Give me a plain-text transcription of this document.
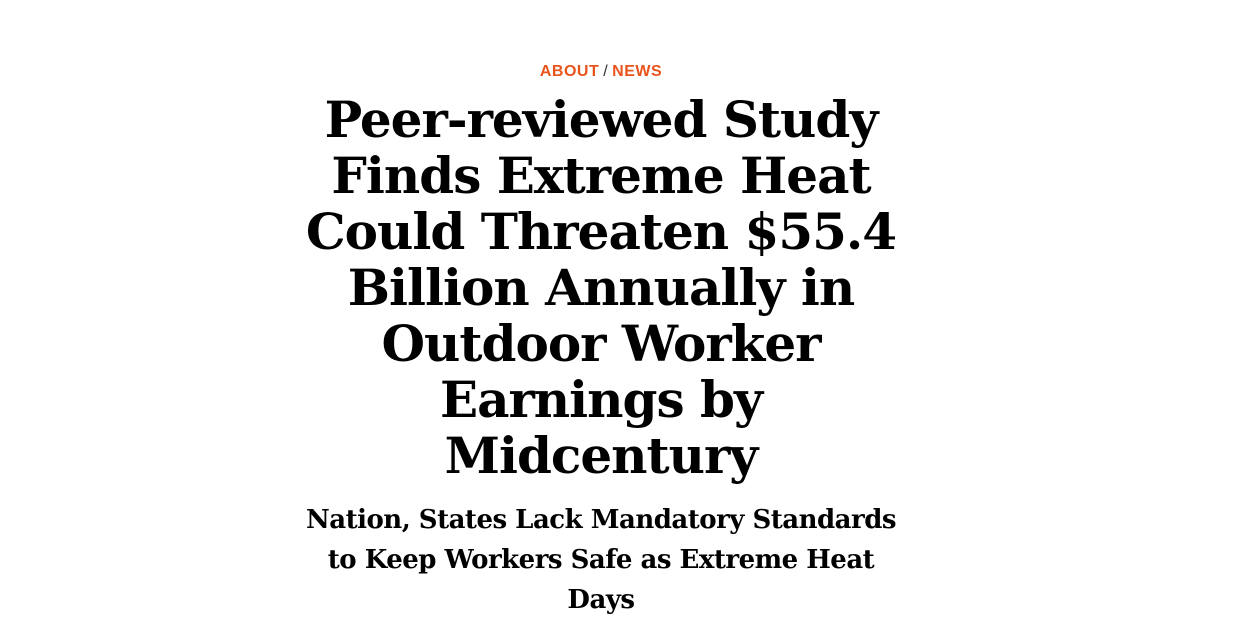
ABOUT / NEWS
Peer-reviewed Study Finds Extreme Heat Could Threaten $55.4 Billion Annually in Outdoor Worker Earnings by Midcentury
Nation, States Lack Mandatory Standards to Keep Workers Safe as Extreme Heat Days
